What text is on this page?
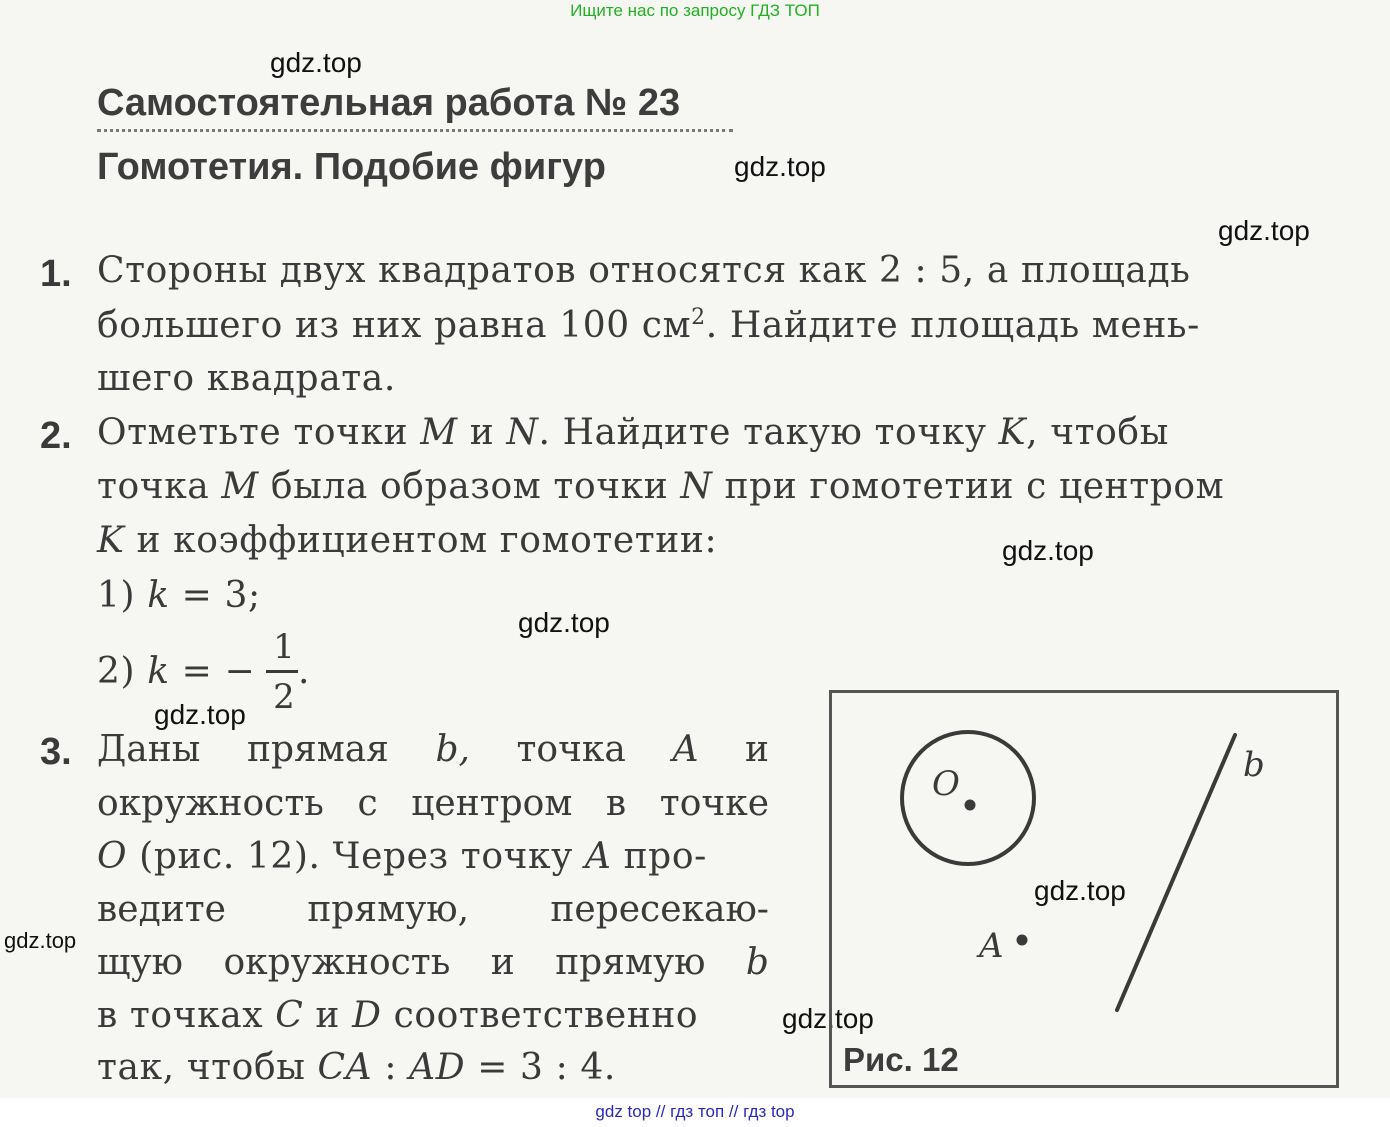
Ищите нас по запросу ГДЗ ТОП
gdz.top
gdz.top
gdz.top
gdz.top
gdz.top
gdz.top
gdz.top
gdz.top
gdz.top
Самостоятельная работа № 23
Гомотетия. Подобие фигур
1. Стороны двух квадратов относятся как 2 : 5, а площадь
большего из них равна 100 $см^2$. Найдите площадь мень-
шего квадрата.
2. Отметьте точки M и N. Найдите такую точку K, чтобы
точка M была образом точки N при гомотетии с центром
K и коэффициентом гомотетии:
1) k = 3;
2) k = −
1
2
.
3. Даны прямая b, точка A и
окружность с центром в точке
O (рис. 12). Через точку A про-
ведите прямую, пересекаю-
щую окружность и прямую b
в точках C и D соответственно
так, чтобы CA : AD = 3 : 4.
O
A
b
Рис. 12
gdz top // гдз топ // гдз top
